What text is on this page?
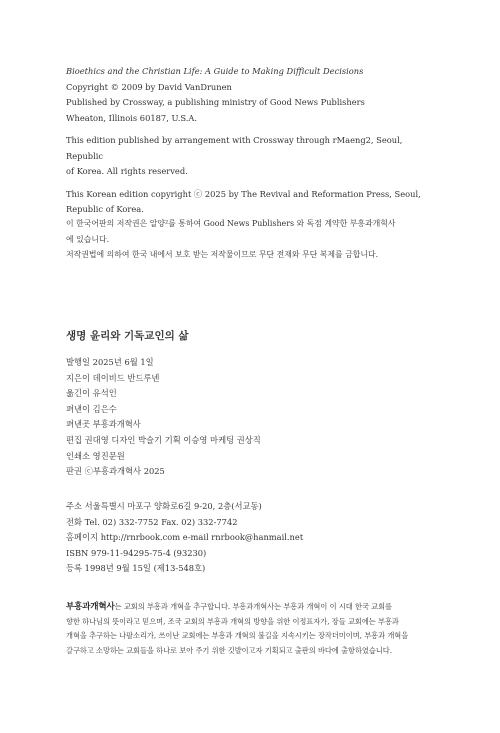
Bioethics and the Christian Life: A Guide to Making Difficult Decisions

Copyright © 2009 by David VanDrunen

Published by Crossway, a publishing ministry of Good News Publishers

Wheaton, Illinois 60187, U.S.A.

This edition published by arrangement with Crossway through rMaeng2, Seoul, Republic

of Korea. All rights reserved.

This Korean edition copyright ⓒ 2025 by The Revival and Reformation Press, Seoul,

Republic of Korea.

이 한국어판의 저작권은 알양²를 통하여 Good News Publishers 와 독점 계약한 부흥과개혁사

에 있습니다.

저작권법에 의하여 한국 내에서 보호 받는 저작물이므로 무단 전재와 무단 복제를 금합니다.

생명 윤리와 기독교인의 삶

발행일 2025년 6월 1일

지은이 데이비드 반드루넨

옮긴이 유석인

펴낸이 김은수

펴낸곳 부흥과개혁사

편집 권대영 디자인 박슬기 기획 이승영 마케팅 권상직

인쇄소 영진문원

판권 ⓒ부흥과개혁사 2025

주소 서울특별시 마포구 양화로6길 9-20, 2층(서교동)

전화 Tel. 02) 332-7752 Fax. 02) 332-7742

홈페이지 http://rnrbook.com e-mail rnrbook@hanmail.net

ISBN 979-11-94295-75-4 (93230)

등록 1998년 9월 15일 (제13-548호)

부흥과개혁사는 교회의 부흥과 개혁을 추구합니다. 부흥과개혁사는 부흥과 개혁이 이 시대 한국 교회를

향한 하나님의 뜻이라고 믿으며, 조국 교회의 부흥과 개혁의 방향을 위한 이정표자가, 장들 교회에는 부흥과

개혁을 추구하는 나팔소리가, 쓰이난 교회에는 부흥과 개혁의 불길을 지속시키는 장작더미이며, 부흥과 개혁을

갈구하고 소망하는 교회들을 하나로 보아 주기 위한 깃발이고자 기획되고 출판의 바다에 출항하였습니다.
